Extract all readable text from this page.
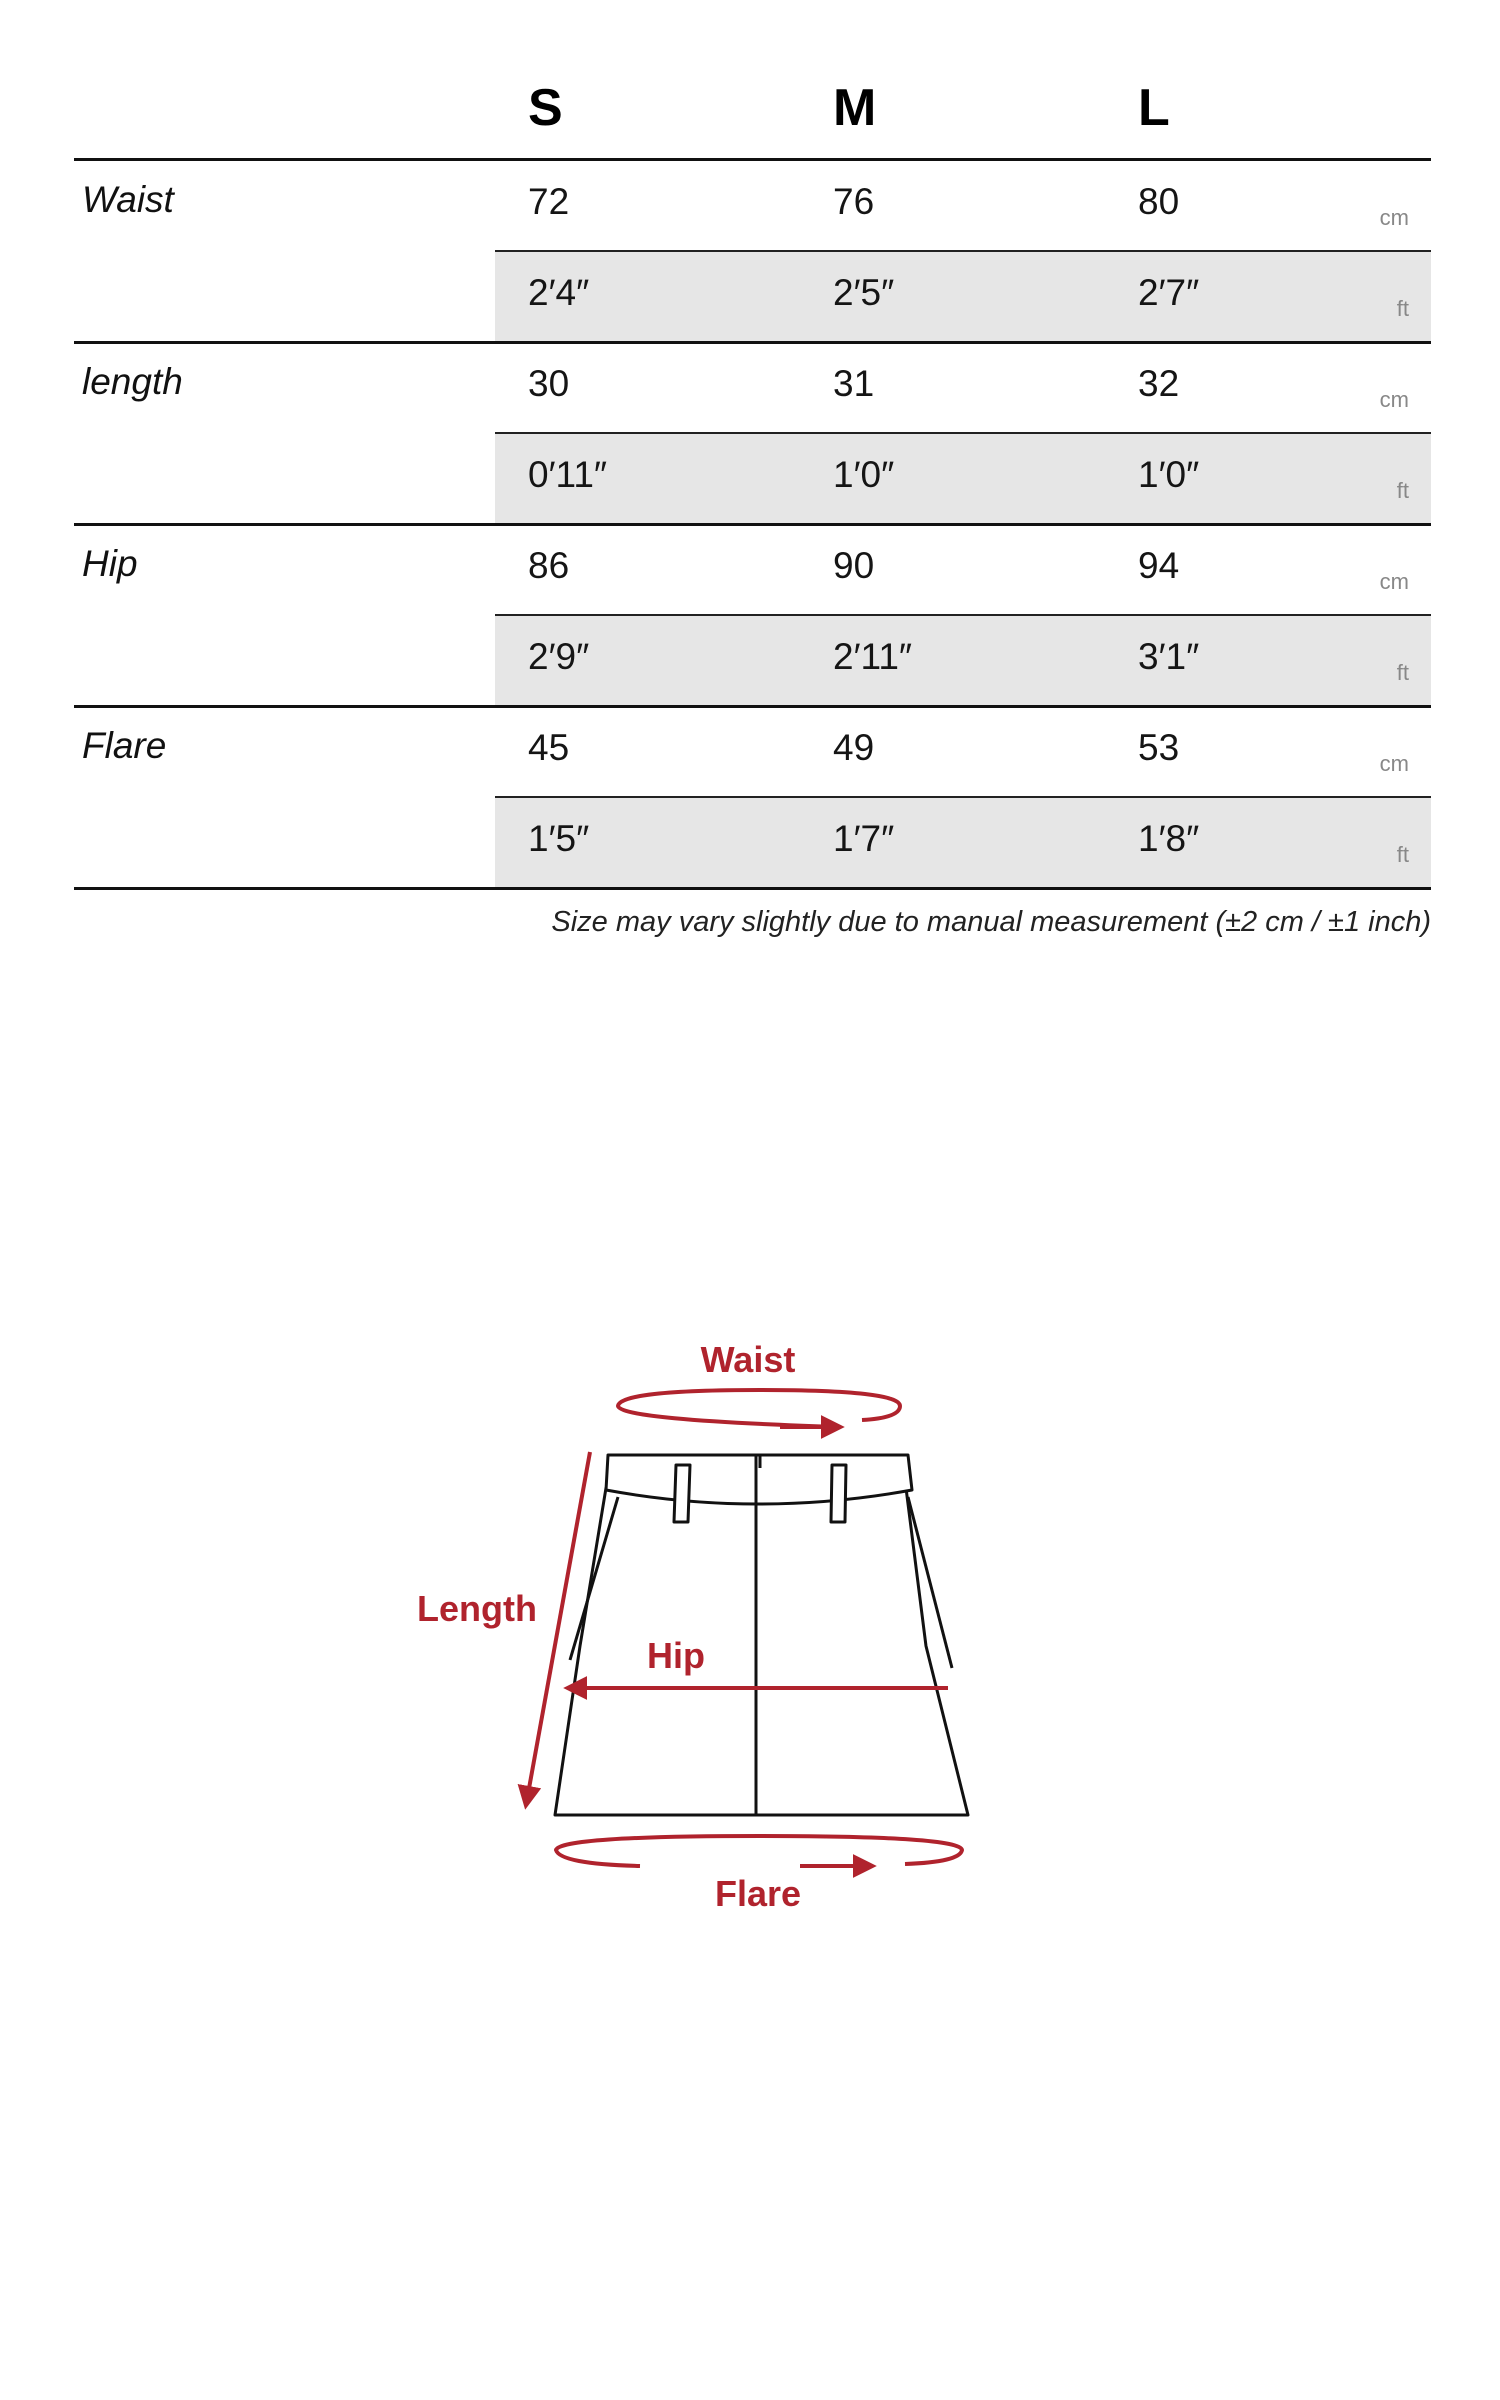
S	M	L
Waist	72	76	80	cm
2′4″	2′5″	2′7″	ft
length	30	31	32	cm
0′11″	1′0″	1′0″	ft
Hip	86	90	94	cm
2′9″	2′11″	3′1″	ft
Flare	45	49	53	cm
1′5″	1′7″	1′8″	ft
Size may vary slightly due to manual measurement (±2 cm / ±1 inch)
Waist
Length
Hip
Flare
